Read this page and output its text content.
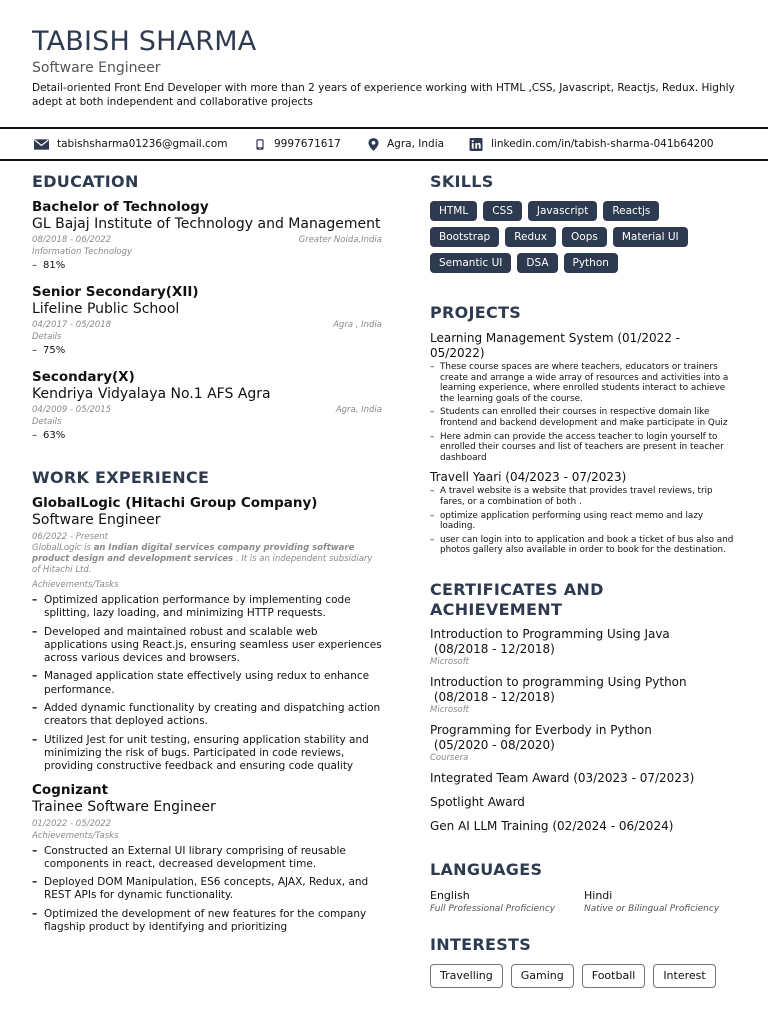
TABISH SHARMA
Software Engineer

Detail-oriented Front End Developer with more than 2 years of experience working with HTML ,CSS, Javascript, Reactjs, Redux. Highly adept at both independent and collaborative projects

tabishsharma01236@gmail.com	9997671617	Agra, India	linkedin.com/in/tabish-sharma-041b64200
EDUCATION
Bachelor of Technology
GL Bajaj Institute of Technology and Management
08/2018 - 06/2022	Greater Noida,India
Information Technology
– 81%
Senior Secondary(XII)
Lifeline Public School
04/2017 - 05/2018	Agra , India
Details
– 75%
Secondary(X)
Kendriya Vidyalaya No.1 AFS Agra
04/2009 - 05/2015	Agra, India
Details
– 63%
WORK EXPERIENCE
GlobalLogic (Hitachi Group Company)
Software Engineer
06/2022 - Present
GlobalLogic is an Indian digital services company providing software product design and development services . It is an independent subsidiary of Hitachi Ltd.
Achievements/Tasks
– Optimized application performance by implementing code splitting, lazy loading, and minimizing HTTP requests.
– Developed and maintained robust and scalable web applications using React.js, ensuring seamless user experiences across various devices and browsers.
– Managed application state effectively using redux to enhance performance.
– Added dynamic functionality by creating and dispatching action creators that deployed actions.
– Utilized Jest for unit testing, ensuring application stability and minimizing the risk of bugs. Participated in code reviews, providing constructive feedback and ensuring code quality
Cognizant
Trainee Software Engineer
01/2022 - 05/2022
Achievements/Tasks
– Constructed an External UI library comprising of reusable components in react, decreased development time.
– Deployed DOM Manipulation, ES6 concepts, AJAX, Redux, and REST APIs for dynamic functionality.
– Optimized the development of new features for the company flagship product by identifying and prioritizing
SKILLS
HTML	CSS	Javascript	Reactjs
Bootstrap	Redux	Oops	Material UI
Semantic UI	DSA	Python
PROJECTS
Learning Management System (01/2022 - 05/2022)
– These course spaces are where teachers, educators or trainers create and arrange a wide array of resources and activities into a learning experience, where enrolled students interact to achieve the learning goals of the course.
– Students can enrolled their courses in respective domain like frontend and backend development and make participate in Quiz
– Here admin can provide the access teacher to login yourself to enrolled their courses and list of teachers are present in teacher dashboard
Travell Yaari (04/2023 - 07/2023)
– A travel website is a website that provides travel reviews, trip fares, or a combination of both .
– optimize application performing using react memo and lazy loading.
– user can login into to application and book a ticket of bus also and photos gallery also available in order to book for the destination.
CERTIFICATES AND ACHIEVEMENT
Introduction to Programming Using Java
(08/2018 - 12/2018)
Microsoft
Introduction to programming Using Python
(08/2018 - 12/2018)
Microsoft
Programming for Everbody in Python
(05/2020 - 08/2020)
Coursera
Integrated Team Award (03/2023 - 07/2023)
Spotlight Award
Gen AI LLM Training (02/2024 - 06/2024)
LANGUAGES
English
Full Professional Proficiency
Hindi
Native or Bilingual Proficiency
INTERESTS
Travelling	Gaming	Football	Interest
